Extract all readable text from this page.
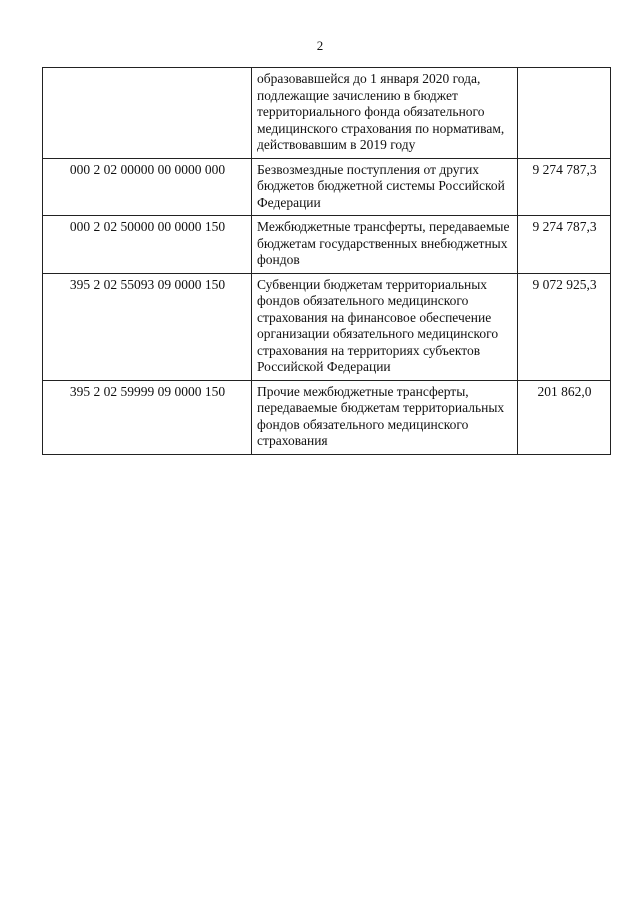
2
	образовавшейся до 1 января 2020 года, подлежащие зачислению в бюджет территориального фонда обязательного медицинского страхования по нормативам, действовавшим в 2019 году	
000 2 02 00000 00 0000 000	Безвозмездные поступления от других бюджетов бюджетной системы Российской Федерации	9 274 787,3
000 2 02 50000 00 0000 150	Межбюджетные трансферты, передаваемые бюджетам государственных внебюджетных фондов	9 274 787,3
395 2 02 55093 09 0000 150	Субвенции бюджетам территориальных фондов обязательного медицинского страхования на финансовое обеспечение организации обязательного медицинского страхования на территориях субъектов Российской Федерации	9 072 925,3
395 2 02 59999 09 0000 150	Прочие межбюджетные трансферты, передаваемые бюджетам территориальных фондов обязательного медицинского страхования	201 862,0
